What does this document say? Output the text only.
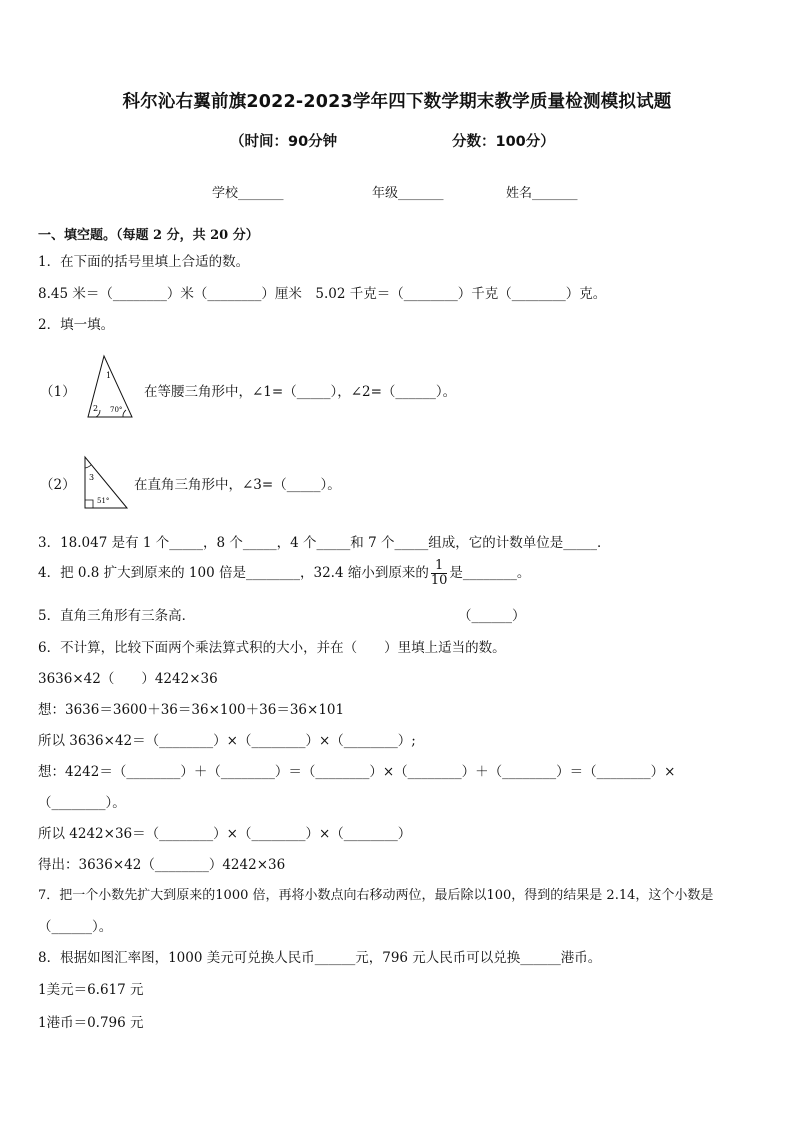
科尔沁右翼前旗2022-2023学年四下数学期末教学质量检测模拟试题
（时间：90分钟	分数：100分）
学校_______	年级_______	姓名_______
一、填空题。（每题 2 分，共 20 分）
1．在下面的括号里填上合适的数。
8.45 米＝（________）米（________）厘米　5.02 千克＝（________）千克（________）克。
2．填一填。
（1）
1
2 70°
在等腰三角形中，∠1=（_____），∠2=（______）。
（2） 3
51°
在直角三角形中，∠3=（_____）。
3．18.047 是有 1 个_____，8 个_____，4 个_____和 7 个_____组成，它的计数单位是_____．
4．把 0.8 扩大到原来的 100 倍是________，32.4 缩小到原来的 $\frac{1}{10}$ 是________。
5．直角三角形有三条高．	（______）
6．不计算，比较下面两个乘法算式积的大小，并在（　　）里填上适当的数。
3636×42（　　）4242×36
想：3636＝3600＋36＝36×100＋36＝36×101
所以 3636×42＝（________）×（________）×（________）;
想：4242＝（________）＋（________）＝（________）×（________）＋（________）＝（________）×
（________）。
所以 4242×36＝（________）×（________）×（________）
得出：3636×42（________）4242×36
7．把一个小数先扩大到原来的1000 倍，再将小数点向右移动两位，最后除以100，得到的结果是 2.14，这个小数是
（______）。
8．根据如图汇率图，1000 美元可兑换人民币______元，796 元人民币可以兑换______港币。
1美元＝6.617 元
1港币＝0.796 元
